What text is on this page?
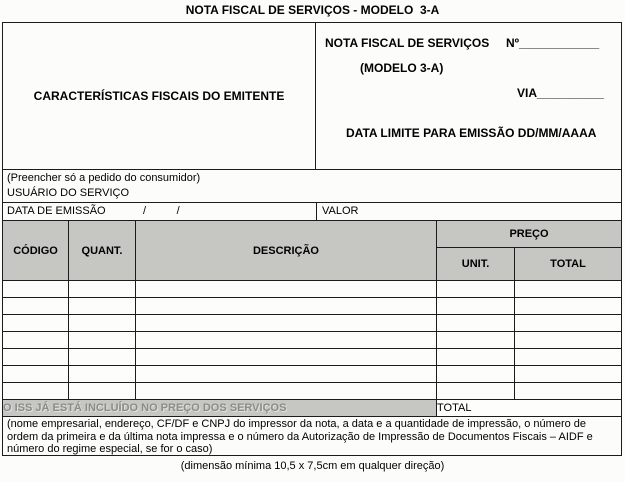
NOTA FISCAL DE SERVIÇOS - MODELO  3-A
CARACTERÍSTICAS FISCAIS DO EMITENTE
NOTA FISCAL DE SERVIÇOS Nº____________
(MODELO 3-A)
VIA__________
DATA LIMITE PARA EMISSÃO DD/MM/AAAA
(Preencher só a pedido do consumidor)
USUÁRIO DO SERVIÇO
DATA DE EMISSÃO	/          /	VALOR
CÓDIGO	QUANT.	DESCRIÇÃO	PREÇO	
			UNIT.	TOTAL

O ISS JÁ ESTÁ INCLUÍDO NO PREÇO DOS SERVIÇOS			TOTAL	
(nome empresarial, endereço, CF/DF e CNPJ do impressor da nota, a data e a quantidade de impressão, o número de ordem da primeira e da última nota impressa e o número da Autorização de Impressão de Documentos Fiscais – AIDF e número do regime especial, se for o caso)
(dimensão mínima 10,5 x 7,5cm em qualquer direção)
